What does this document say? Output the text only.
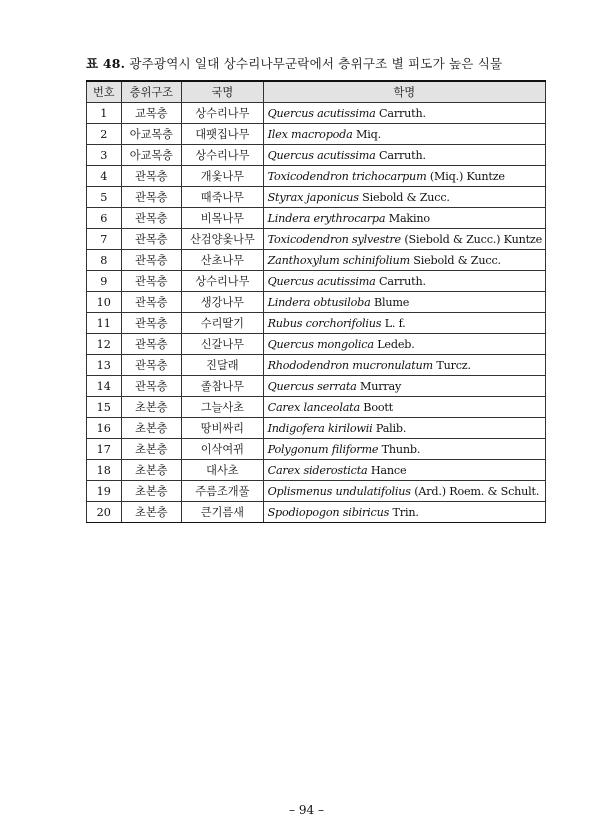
표 48. 광주광역시 일대 상수리나무군락에서 층위구조 별 피도가 높은 식물
번호	층위구조	국명	학명
1	교목층	상수리나무	Quercus acutissima Carruth.
2	아교목층	대팻집나무	Ilex macropoda Miq.
3	아교목층	상수리나무	Quercus acutissima Carruth.
4	관목층	개옻나무	Toxicodendron trichocarpum (Miq.) Kuntze
5	관목층	때죽나무	Styrax japonicus Siebold & Zucc.
6	관목층	비목나무	Lindera erythrocarpa Makino
7	관목층	산검양옻나무	Toxicodendron sylvestre (Siebold & Zucc.) Kuntze
8	관목층	산초나무	Zanthoxylum schinifolium Siebold & Zucc.
9	관목층	상수리나무	Quercus acutissima Carruth.
10	관목층	생강나무	Lindera obtusiloba Blume
11	관목층	수리딸기	Rubus corchorifolius L. f.
12	관목층	신갈나무	Quercus mongolica Ledeb.
13	관목층	진달래	Rhododendron mucronulatum Turcz.
14	관목층	졸참나무	Quercus serrata Murray
15	초본층	그늘사초	Carex lanceolata Boott
16	초본층	땅비싸리	Indigofera kirilowii Palib.
17	초본층	이삭여뀌	Polygonum filiforme Thunb.
18	초본층	대사초	Carex siderosticta Hance
19	초본층	주름조개풀	Oplismenus undulatifolius (Ard.) Roem. & Schult.
20	초본층	큰기름새	Spodiopogon sibiricus Trin.
– 94 –
